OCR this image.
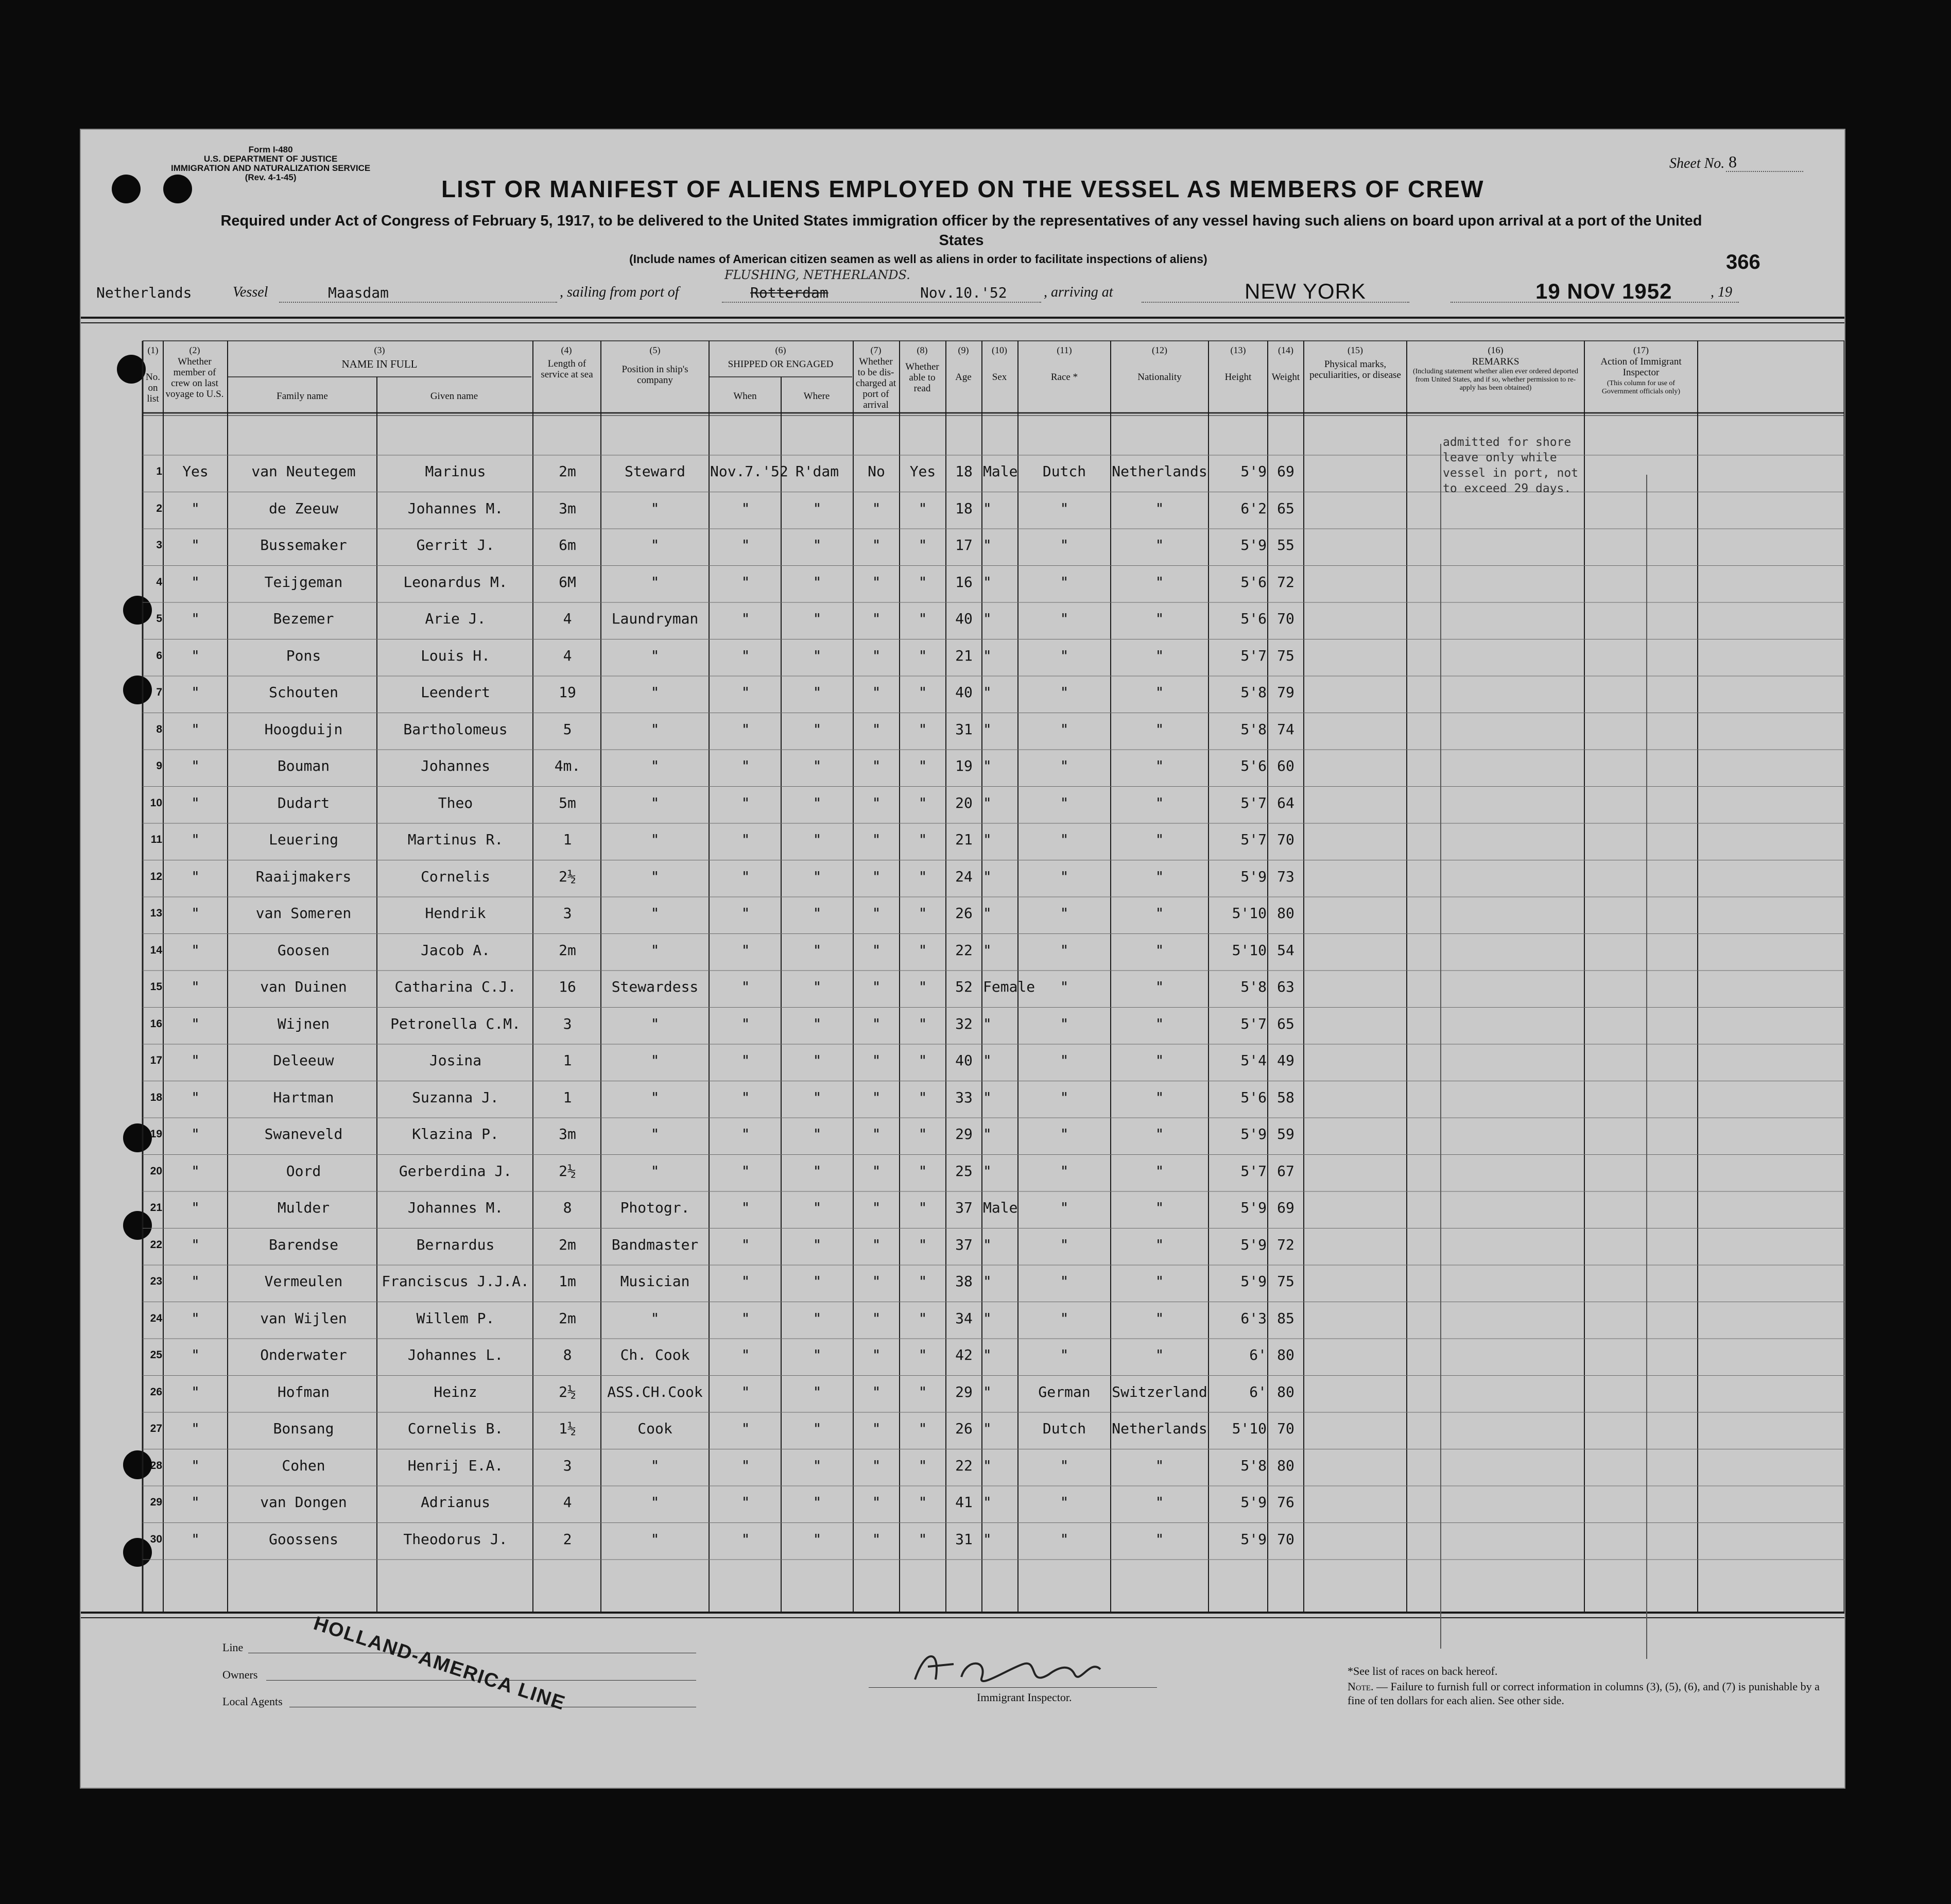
Form I-480
U.S. DEPARTMENT OF JUSTICE
IMMIGRATION AND NATURALIZATION SERVICE
(Rev. 4-1-45)
Sheet No. 8
LIST OR MANIFEST OF ALIENS EMPLOYED ON THE VESSEL AS MEMBERS OF CREW
Required under Act of Congress of February 5, 1917, to be delivered to the United States immigration officer by the representatives of any vessel having such aliens on board upon arrival at a port of the United States
(Include names of American citizen seamen as well as aliens in order to facilitate inspections of aliens)	366
Netherlands	Vessel	Maasdam	, sailing from port of
FLUSHING, NETHERLANDS.
Rotterdam	Nov.10.'52	, arriving at	NEW YORK	19 NOV 1952	, 19
(1)
No. on list
(2)
Whether member of crew on last voyage to U.S.
(3)
NAME IN FULL
Family name	Given name
(4)
Length of service at sea
(5)
Position in ship's company
(6)
SHIPPED OR ENGAGED
When	Where
(7)
Whether to be dis-charged at port of arrival
(8)
Whether able to read
(9)
Age
(10)
Sex
(11)
Race *
(12)
Nationality
(13)
Height
(14)
Weight
(15)
Physical marks, peculiarities, or disease
(16)
REMARKS
(Including statement whether alien ever ordered deported from United States, and if so, whether permission to re-apply has been obtained)
(17)
Action of Immigrant Inspector
(This column for use of Government officials only)
1	Yes	van Neutegem	Marinus	2m	Steward	Nov.7.'52 R'dam	No	Yes	18 Male	Dutch	Netherlands	5'9 69
2	"	de Zeeuw	Johannes M.	3m	"	"	"	"	"	18 "	"	"	6'2 65
3	"	Bussemaker	Gerrit J.	6m	"	"	"	"	"	17 "	"	"	5'9 55
4	"	Teijgeman	Leonardus M.	6M	"	"	"	"	"	16 "	"	"	5'6 72
5	"	Bezemer	Arie J.	4	Laundryman	"	"	"	"	40 "	"	"	5'6 70
6	"	Pons	Louis H.	4	"	"	"	"	"	21 "	"	"	5'7 75
7	"	Schouten	Leendert	19	"	"	"	"	"	40 "	"	"	5'8 79
8	"	Hoogduijn	Bartholomeus	5	"	"	"	"	"	31 "	"	"	5'8 74
9	"	Bouman	Johannes	4m.	"	"	"	"	"	19 "	"	"	5'6 60
10	"	Dudart	Theo	5m	"	"	"	"	"	20 "	"	"	5'7 64
11	"	Leuering	Martinus R.	1	"	"	"	"	"	21 "	"	"	5'7 70
12	"	Raaijmakers	Cornelis	2½	"	"	"	"	"	24 "	"	"	5'9 73
13	"	van Someren	Hendrik	3	"	"	"	"	"	26 "	"	"	5'10 80
14	"	Goosen	Jacob A.	2m	"	"	"	"	"	22 "	"	"	5'10 54
15	"	van Duinen	Catharina C.J.	16	Stewardess	"	"	"	"	52 Female	"	"	5'8 63
16	"	Wijnen	Petronella C.M.	3	"	"	"	"	"	32 "	"	"	5'7 65
17	"	Deleeuw	Josina	1	"	"	"	"	"	40 "	"	"	5'4 49
18	"	Hartman	Suzanna J.	1	"	"	"	"	"	33 "	"	"	5'6 58
19	"	Swaneveld	Klazina P.	3m	"	"	"	"	"	29 "	"	"	5'9 59
20	"	Oord	Gerberdina J.	2½	"	"	"	"	"	25 "	"	"	5'7 67
21	"	Mulder	Johannes M.	8	Photogr.	"	"	"	"	37 Male	"	"	5'9 69
22	"	Barendse	Bernardus	2m	Bandmaster	"	"	"	"	37 "	"	"	5'9 72
23	"	Vermeulen	Franciscus J.J.A.	1m	Musician	"	"	"	"	38 "	"	"	5'9 75
24	"	van Wijlen	Willem P.	2m	"	"	"	"	"	34 "	"	"	6'3 85
25	"	Onderwater	Johannes L.	8	Ch. Cook	"	"	"	"	42 "	"	"	6' 80
26	"	Hofman	Heinz	2½	ASS.CH.Cook	"	"	"	"	29 "	German	Switzerland	6' 80
27	"	Bonsang	Cornelis B.	1½	Cook	"	"	"	"	26 "	Dutch	Netherlands	5'10 70
28	"	Cohen	Henrij E.A.	3	"	"	"	"	"	22 "	"	"	5'8 80
29	"	van Dongen	Adrianus	4	"	"	"	"	"	41 "	"	"	5'9 76
30	"	Goossens	Theodorus J.	2	"	"	"	"	"	31 "	"	"	5'9 70
admitted for shore leave only while vessel in port, not to exceed 29 days.
Line
Owners
Local Agents HOLLAND-AMERICA LINE	Immigrant Inspector.
*See list of races on back hereof.
Note. — Failure to furnish full or correct information in columns (3), (5), (6), and (7) is punishable by a fine of ten dollars for each alien. See other side.
